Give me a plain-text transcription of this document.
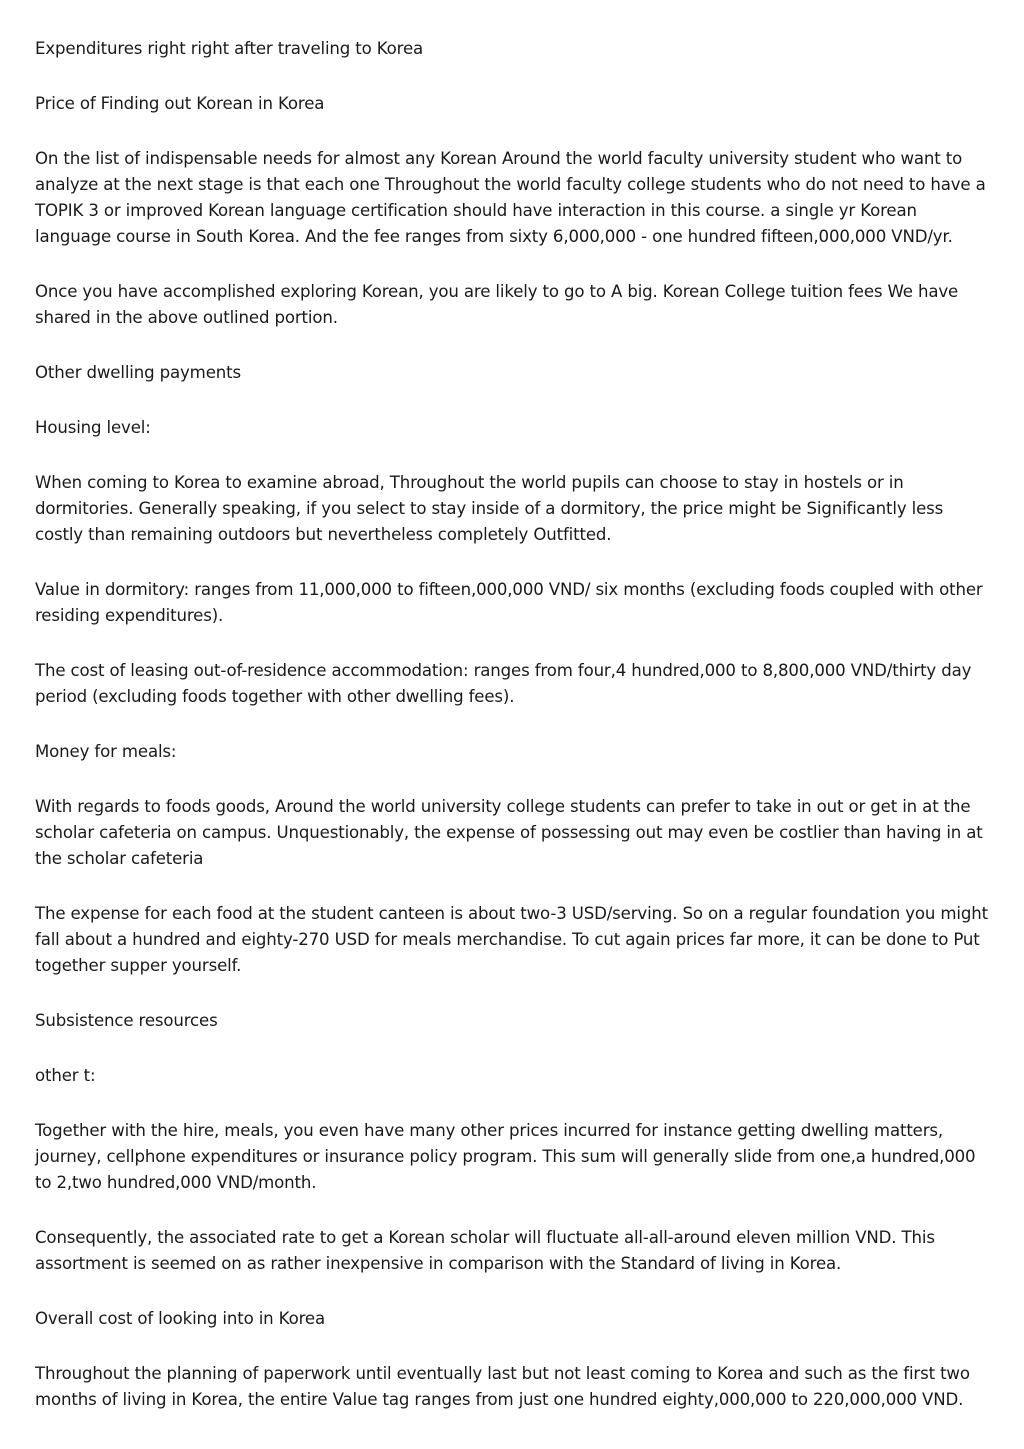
Expenditures right right after traveling to Korea

Price of Finding out Korean in Korea

On the list of indispensable needs for almost any Korean Around the world faculty university student who want to analyze at the next stage is that each one Throughout the world faculty college students who do not need to have a TOPIK 3 or improved Korean language certification should have interaction in this course. a single yr Korean language course in South Korea. And the fee ranges from sixty 6,000,000 - one hundred fifteen,000,000 VND/yr.

Once you have accomplished exploring Korean, you are likely to go to A big. Korean College tuition fees We have shared in the above outlined portion.

Other dwelling payments

Housing level:

When coming to Korea to examine abroad, Throughout the world pupils can choose to stay in hostels or in dormitories. Generally speaking, if you select to stay inside of a dormitory, the price might be Significantly less costly than remaining outdoors but nevertheless completely Outfitted.

Value in dormitory: ranges from 11,000,000 to fifteen,000,000 VND/ six months (excluding foods coupled with other residing expenditures).

The cost of leasing out-of-residence accommodation: ranges from four,4 hundred,000 to 8,800,000 VND/thirty day period (excluding foods together with other dwelling fees).

Money for meals:

With regards to foods goods, Around the world university college students can prefer to take in out or get in at the scholar cafeteria on campus. Unquestionably, the expense of possessing out may even be costlier than having in at the scholar cafeteria

The expense for each food at the student canteen is about two-3 USD/serving. So on a regular foundation you might fall about a hundred and eighty-270 USD for meals merchandise. To cut again prices far more, it can be done to Put together supper yourself.

Subsistence resources

other t:

Together with the hire, meals, you even have many other prices incurred for instance getting dwelling matters, journey, cellphone expenditures or insurance policy program. This sum will generally slide from one,a hundred,000 to 2,two hundred,000 VND/month.

Consequently, the associated rate to get a Korean scholar will fluctuate all-all-around eleven million VND. This assortment is seemed on as rather inexpensive in comparison with the Standard of living in Korea.

Overall cost of looking into in Korea

Throughout the planning of paperwork until eventually last but not least coming to Korea and such as the first two months of living in Korea, the entire Value tag ranges from just one hundred eighty,000,000 to 220,000,000 VND.
